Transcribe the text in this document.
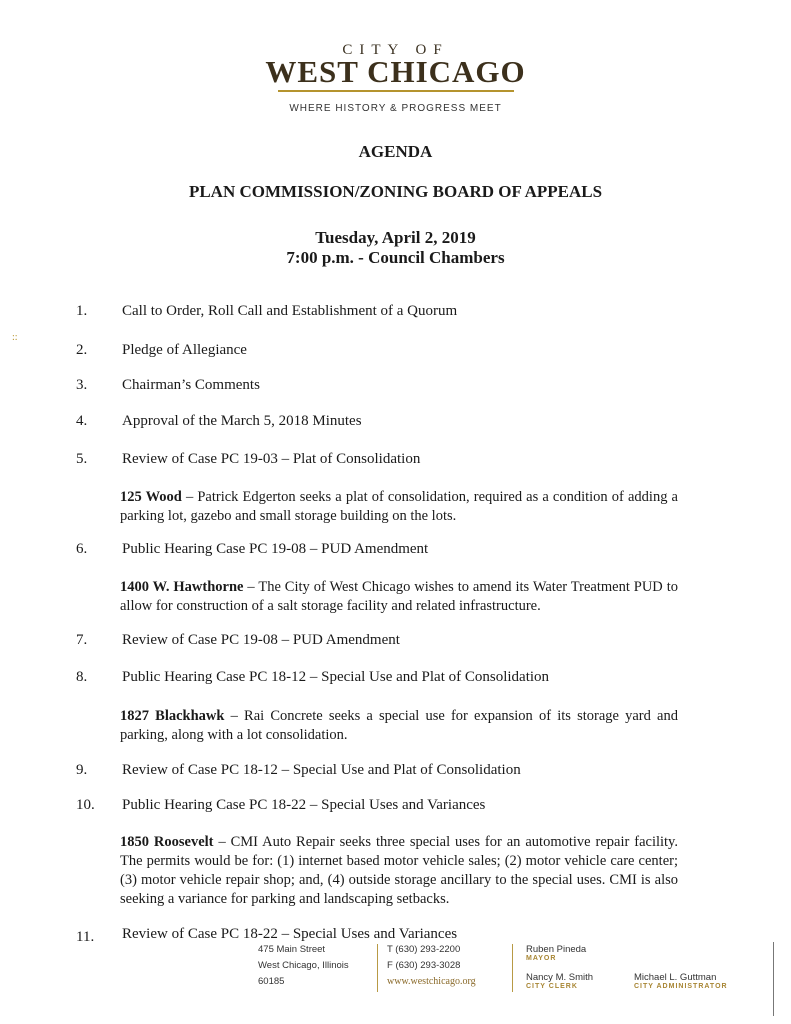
::
CITY OF
WEST CHICAGO
WHERE HISTORY & PROGRESS MEET
AGENDA
PLAN COMMISSION/ZONING BOARD OF APPEALS
Tuesday, April 2, 2019
7:00 p.m. - Council Chambers
1. Call to Order, Roll Call and Establishment of a Quorum
2. Pledge of Allegiance
3. Chairman’s Comments
4. Approval of the March 5, 2018 Minutes
5. Review of Case PC 19-03 – Plat of Consolidation
125 Wood – Patrick Edgerton seeks a plat of consolidation, required as a condition of adding a parking lot, gazebo and small storage building on the lots.
6. Public Hearing Case PC 19-08 – PUD Amendment
1400 W. Hawthorne – The City of West Chicago wishes to amend its Water Treatment PUD to allow for construction of a salt storage facility and related infrastructure.
7. Review of Case PC 19-08 – PUD Amendment
8. Public Hearing Case PC 18-12 – Special Use and Plat of Consolidation
1827 Blackhawk – Rai Concrete seeks a special use for expansion of its storage yard and parking, along with a lot consolidation.
9. Review of Case PC 18-12 – Special Use and Plat of Consolidation
10. Public Hearing Case PC 18-22 – Special Uses and Variances
1850 Roosevelt – CMI Auto Repair seeks three special uses for an automotive repair facility. The permits would be for: (1) internet based motor vehicle sales; (2) motor vehicle care center; (3) motor vehicle repair shop; and, (4) outside storage ancillary to the special uses. CMI is also seeking a variance for parking and landscaping setbacks.
11. Review of Case PC 18-22 – Special Uses and Variances
475 Main Street
West Chicago, Illinois
60185
T (630) 293-2200
F (630) 293-3028
www.westchicago.org
Ruben Pineda
MAYOR
Nancy M. Smith
CITY CLERK
Michael L. Guttman
CITY ADMINISTRATOR
